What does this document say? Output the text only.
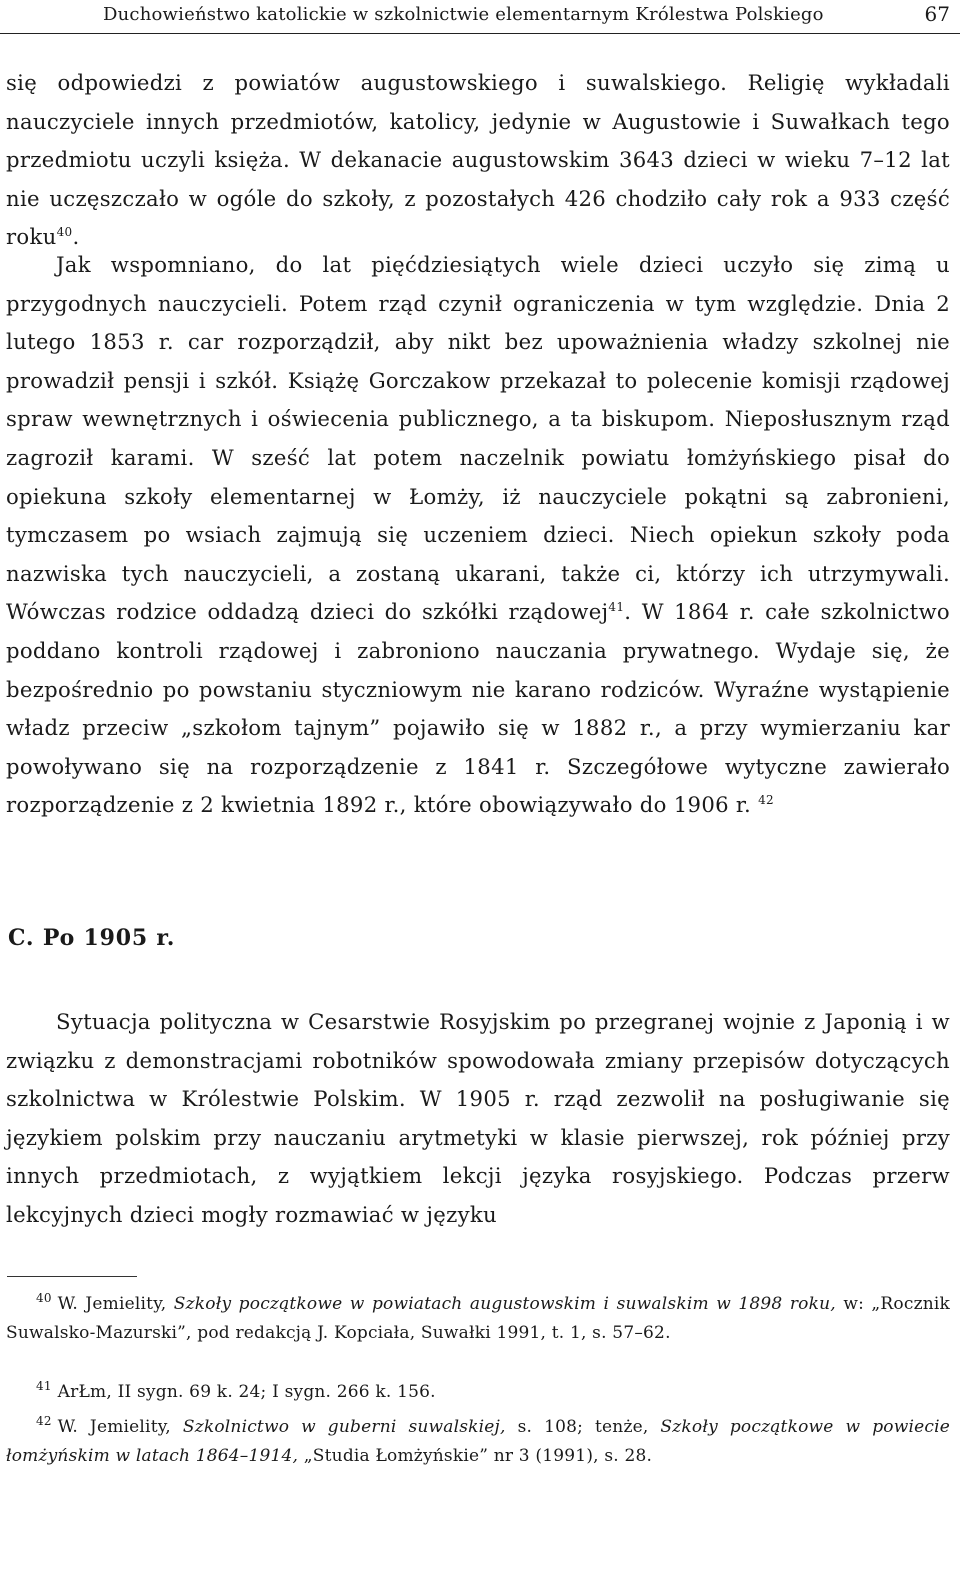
Duchowieństwo katolickie w szkolnictwie elementarnym Królestwa Polskiego	67

się odpowiedzi z powiatów augustowskiego i suwalskiego. Religię wykładali nauczyciele innych przedmiotów, katolicy, jedynie w Augustowie i Suwałkach tego przedmiotu uczyli księża. W dekanacie augustowskim 3643 dzieci w wieku 7–12 lat nie uczęszczało w ogóle do szkoły, z pozostałych 426 chodziło cały rok a 933 część roku$^{40}$.

Jak wspomniano, do lat pięćdziesiątych wiele dzieci uczyło się zimą u przygodnych nauczycieli. Potem rząd czynił ograniczenia w tym względzie. Dnia 2 lutego 1853 r. car rozporządził, aby nikt bez upoważnienia władzy szkolnej nie prowadził pensji i szkół. Książę Gorczakow przekazał to polecenie komisji rządowej spraw wewnętrznych i oświecenia publicznego, a ta biskupom. Nieposłusznym rząd zagroził karami. W sześć lat potem naczelnik powiatu łomżyńskiego pisał do opiekuna szkoły elementarnej w Łomży, iż nauczyciele pokątni są zabronieni, tymczasem po wsiach zajmują się uczeniem dzieci. Niech opiekun szkoły poda nazwiska tych nauczycieli, a zostaną ukarani, także ci, którzy ich utrzymywali. Wówczas rodzice oddadzą dzieci do szkółki rządowej$^{41}$. W 1864 r. całe szkolnictwo poddano kontroli rządowej i zabroniono nauczania prywatnego. Wydaje się, że bezpośrednio po powstaniu styczniowym nie karano rodziców. Wyraźne wystąpienie władz przeciw „szkołom tajnym” pojawiło się w 1882 r., a przy wymierzaniu kar powoływano się na rozporządzenie z 1841 r. Szczegółowe wytyczne zawierało rozporządzenie z 2 kwietnia 1892 r., które obowiązywało do 1906 r. $^{42}$

C. Po 1905 r.

Sytuacja polityczna w Cesarstwie Rosyjskim po przegranej wojnie z Japonią i w związku z demonstracjami robotników spowodowała zmiany przepisów dotyczących szkolnictwa w Królestwie Polskim. W 1905 r. rząd zezwolił na posługiwanie się językiem polskim przy nauczaniu arytmetyki w klasie pierwszej, rok później przy innych przedmiotach, z wyjątkiem lekcji języka rosyjskiego. Podczas przerw lekcyjnych dzieci mogły rozmawiać w języku

$^{40}$ W. Jemielity, Szkoły początkowe w powiatach augustowskim i suwalskim w 1898 roku, w: „Rocznik Suwalsko-Mazurski”, pod redakcją J. Kopciała, Suwałki 1991, t. 1, s. 57–62.

$^{41}$ ArŁm, II sygn. 69 k. 24; I sygn. 266 k. 156.

$^{42}$ W. Jemielity, Szkolnictwo w guberni suwalskiej, s. 108; tenże, Szkoły początkowe w powiecie łomżyńskim w latach 1864–1914, „Studia Łomżyńskie” nr 3 (1991), s. 28.
